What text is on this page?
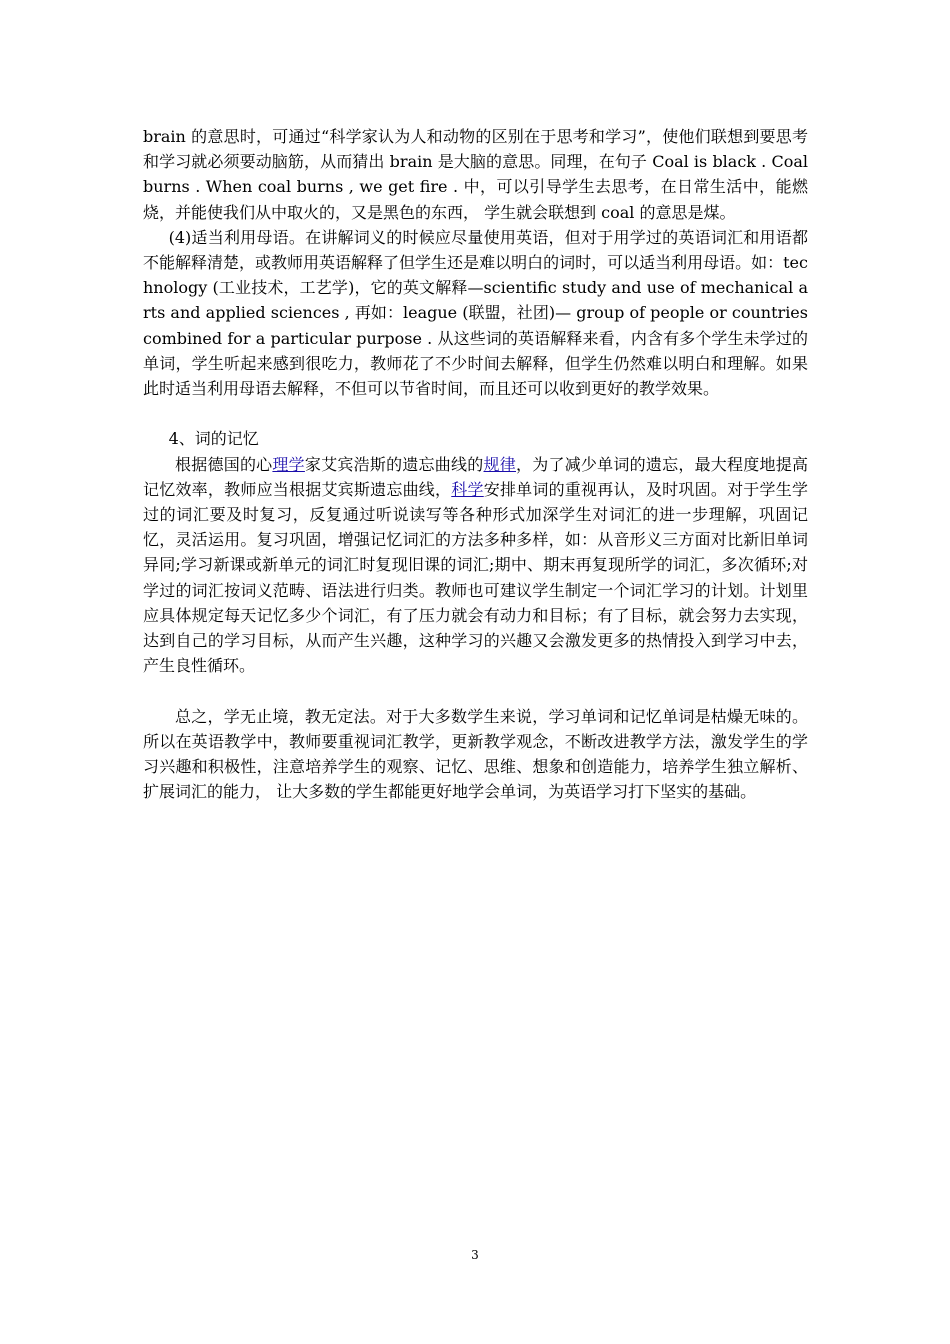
brain 的意思时，可通过“科学家认为人和动物的区别在于思考和学习”，使他们联想到要思考和学习就必须要动脑筋，从而猜出 brain 是大脑的意思。同理，在句子 Coal is black . Coal burns . When coal burns , we get fire . 中，可以引导学生去思考，在日常生活中，能燃烧，并能使我们从中取火的，又是黑色的东西， 学生就会联想到 coal 的意思是煤。

(4)适当利用母语。在讲解词义的时候应尽量使用英语，但对于用学过的英语词汇和用语都不能解释清楚，或教师用英语解释了但学生还是难以明白的词时，可以适当利用母语。如：technology (工业技术，工艺学)，它的英文解释—scientific study and use of mechanical arts and applied sciences , 再如：league (联盟，社团)— group of people or countries combined for a particular purpose . 从这些词的英语解释来看，内含有多个学生未学过的单词，学生听起来感到很吃力，教师花了不少时间去解释，但学生仍然难以明白和理解。如果此时适当利用母语去解释，不但可以节省时间，而且还可以收到更好的教学效果。

4、词的记忆

根据德国的心理学家艾宾浩斯的遗忘曲线的规律，为了减少单词的遗忘，最大程度地提高记忆效率，教师应当根据艾宾斯遗忘曲线，科学安排单词的重视再认，及时巩固。对于学生学过的词汇要及时复习，反复通过听说读写等各种形式加深学生对词汇的进一步理解，巩固记忆，灵活运用。复习巩固，增强记忆词汇的方法多种多样，如：从音形义三方面对比新旧单词异同;学习新课或新单元的词汇时复现旧课的词汇;期中、期末再复现所学的词汇，多次循环;对学过的词汇按词义范畴、语法进行归类。教师也可建议学生制定一个词汇学习的计划。计划里应具体规定每天记忆多少个词汇，有了压力就会有动力和目标；有了目标，就会努力去实现，达到自己的学习目标，从而产生兴趣，这种学习的兴趣又会激发更多的热情投入到学习中去，产生良性循环。

总之，学无止境，教无定法。对于大多数学生来说，学习单词和记忆单词是枯燥无味的。所以在英语教学中，教师要重视词汇教学，更新教学观念，不断改进教学方法，激发学生的学习兴趣和积极性，注意培养学生的观察、记忆、思维、想象和创造能力，培养学生独立解析、扩展词汇的能力， 让大多数的学生都能更好地学会单词，为英语学习打下坚实的基础。

3
